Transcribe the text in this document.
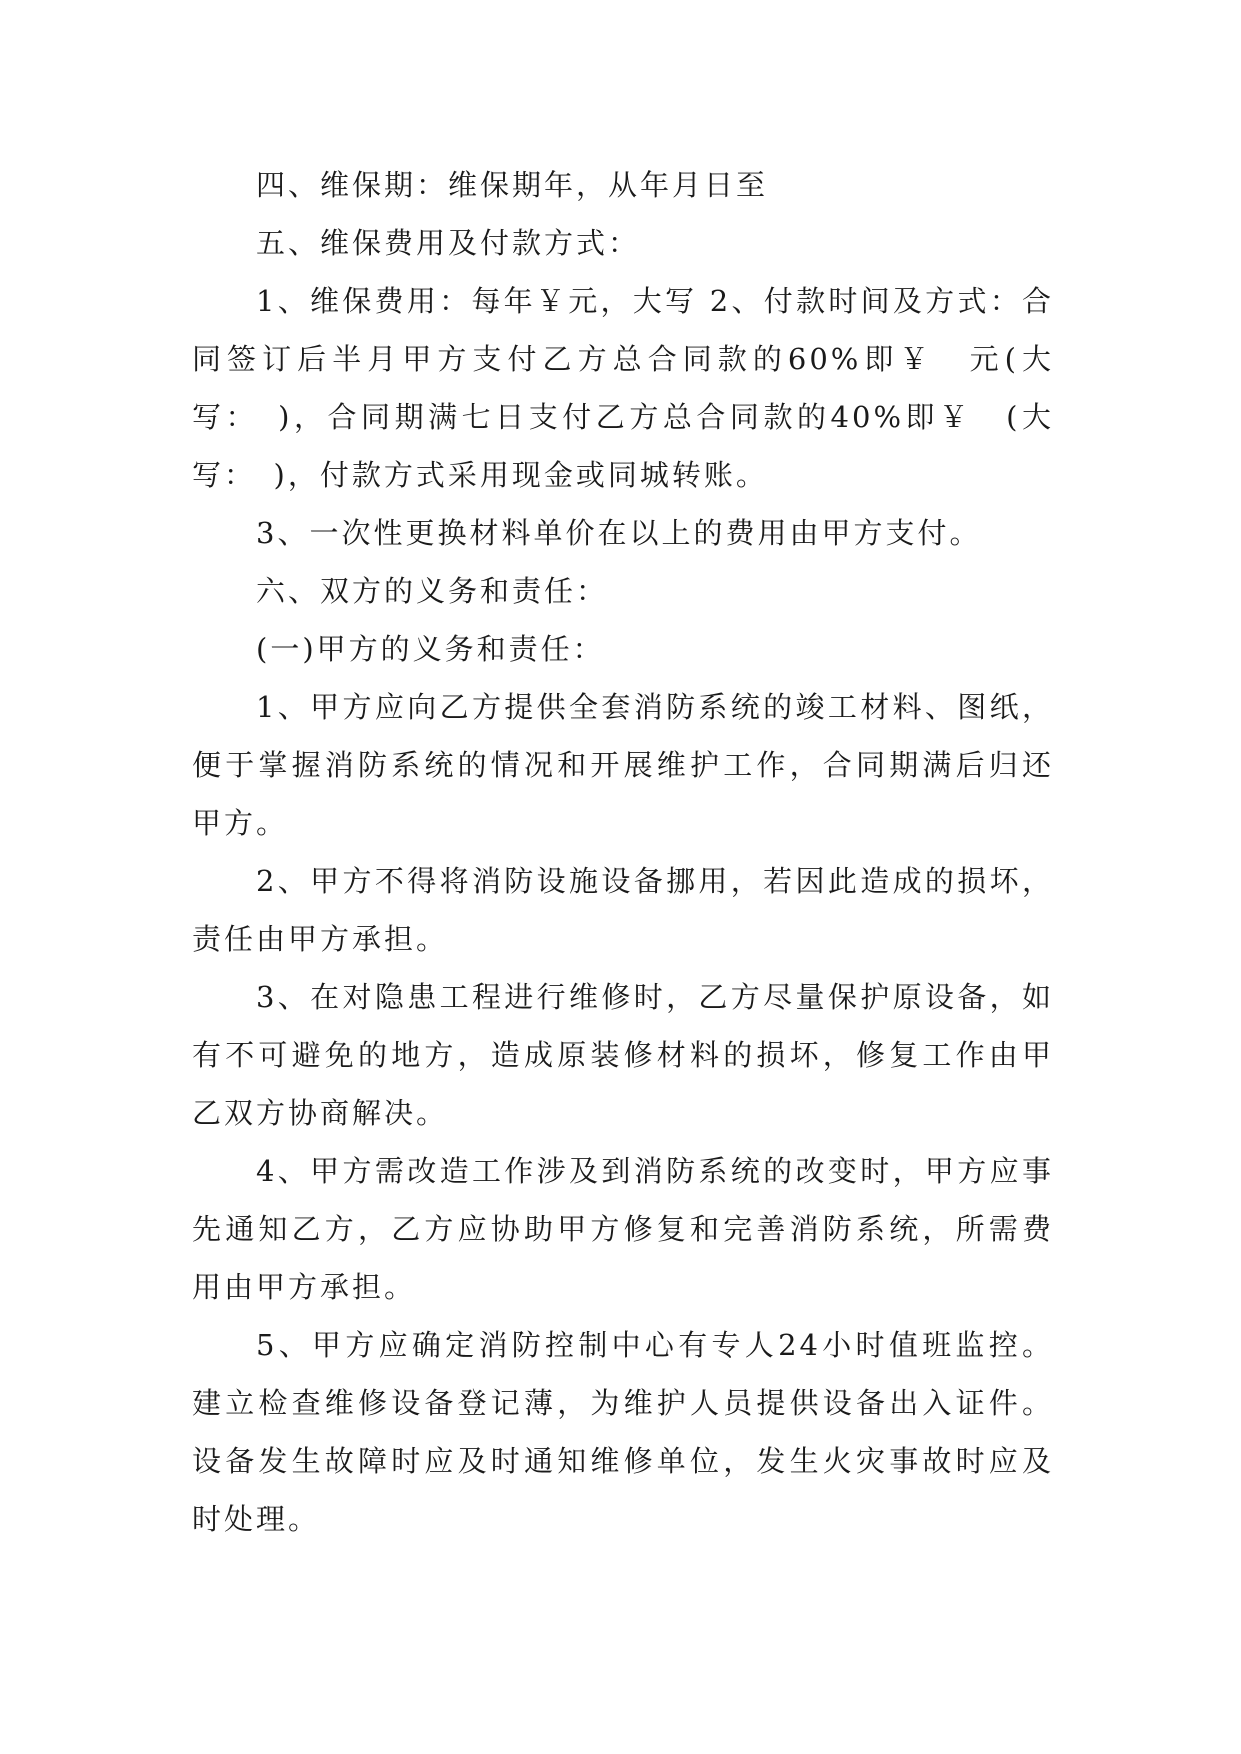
四、维保期：维保期年，从年月日至

五、维保费用及付款方式：

1、维保费用：每年￥元，大写 2、付款时间及方式：合同签订后半月甲方支付乙方总合同款的60%即￥　元(大写：　)，合同期满七日支付乙方总合同款的40%即￥　(大写：　)，付款方式采用现金或同城转账。

3、一次性更换材料单价在以上的费用由甲方支付。

六、双方的义务和责任：

(一)甲方的义务和责任：

1、甲方应向乙方提供全套消防系统的竣工材料、图纸，便于掌握消防系统的情况和开展维护工作，合同期满后归还甲方。

2、甲方不得将消防设施设备挪用，若因此造成的损坏，责任由甲方承担。

3、在对隐患工程进行维修时，乙方尽量保护原设备，如有不可避免的地方，造成原装修材料的损坏，修复工作由甲乙双方协商解决。

4、甲方需改造工作涉及到消防系统的改变时，甲方应事先通知乙方，乙方应协助甲方修复和完善消防系统，所需费用由甲方承担。

5、甲方应确定消防控制中心有专人24小时值班监控。建立检查维修设备登记薄，为维护人员提供设备出入证件。设备发生故障时应及时通知维修单位，发生火灾事故时应及时处理。
